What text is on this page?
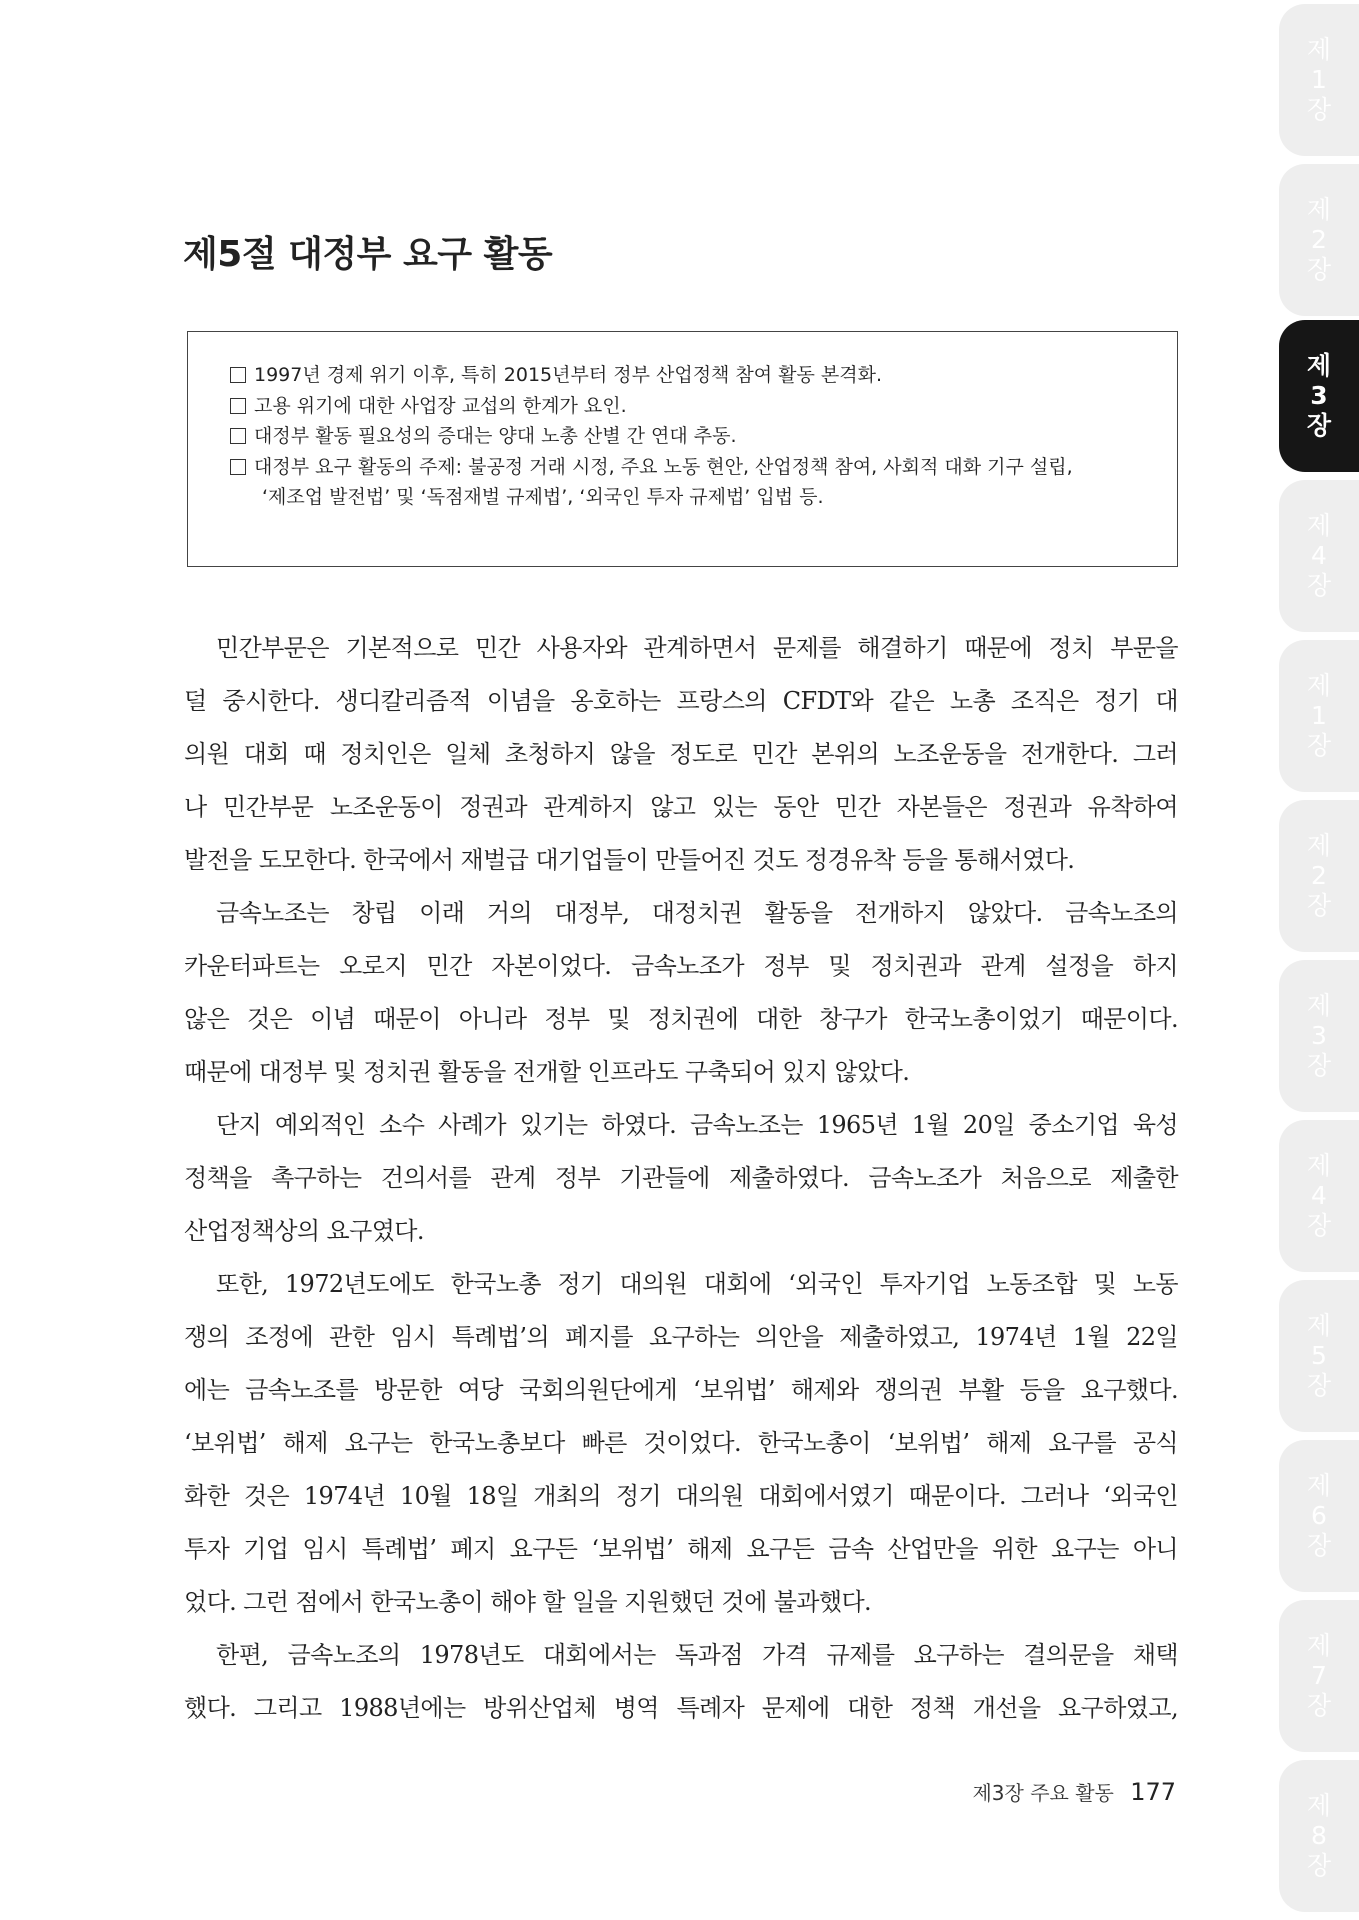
제5절 대정부 요구 활동
1997년 경제 위기 이후, 특히 2015년부터 정부 산업정책 참여 활동 본격화.
고용 위기에 대한 사업장 교섭의 한계가 요인.
대정부 활동 필요성의 증대는 양대 노총 산별 간 연대 추동.
대정부 요구 활동의 주제: 불공정 거래 시정, 주요 노동 현안, 산업정책 참여, 사회적 대화 기구 설립,
‘제조업 발전법’ 및 ‘독점재벌 규제법’, ‘외국인 투자 규제법’ 입법 등.
민간부문은 기본적으로 민간 사용자와 관계하면서 문제를 해결하기 때문에 정치 부문을
덜 중시한다. 생디칼리즘적 이념을 옹호하는 프랑스의 CFDT와 같은 노총 조직은 정기 대
의원 대회 때 정치인은 일체 초청하지 않을 정도로 민간 본위의 노조운동을 전개한다. 그러
나 민간부문 노조운동이 정권과 관계하지 않고 있는 동안 민간 자본들은 정권과 유착하여
발전을 도모한다. 한국에서 재벌급 대기업들이 만들어진 것도 정경유착 등을 통해서였다.
금속노조는 창립 이래 거의 대정부, 대정치권 활동을 전개하지 않았다. 금속노조의
카운터파트는 오로지 민간 자본이었다. 금속노조가 정부 및 정치권과 관계 설정을 하지
않은 것은 이념 때문이 아니라 정부 및 정치권에 대한 창구가 한국노총이었기 때문이다.
때문에 대정부 및 정치권 활동을 전개할 인프라도 구축되어 있지 않았다.
단지 예외적인 소수 사례가 있기는 하였다. 금속노조는 1965년 1월 20일 중소기업 육성
정책을 촉구하는 건의서를 관계 정부 기관들에 제출하였다. 금속노조가 처음으로 제출한
산업정책상의 요구였다.
또한, 1972년도에도 한국노총 정기 대의원 대회에 ‘외국인 투자기업 노동조합 및 노동
쟁의 조정에 관한 임시 특례법’의 폐지를 요구하는 의안을 제출하였고, 1974년 1월 22일
에는 금속노조를 방문한 여당 국회의원단에게 ‘보위법’ 해제와 쟁의권 부활 등을 요구했다.
‘보위법’ 해제 요구는 한국노총보다 빠른 것이었다. 한국노총이 ‘보위법’ 해제 요구를 공식
화한 것은 1974년 10월 18일 개최의 정기 대의원 대회에서였기 때문이다. 그러나 ‘외국인
투자 기업 임시 특례법’ 폐지 요구든 ‘보위법’ 해제 요구든 금속 산업만을 위한 요구는 아니
었다. 그런 점에서 한국노총이 해야 할 일을 지원했던 것에 불과했다.
한편, 금속노조의 1978년도 대회에서는 독과점 가격 규제를 요구하는 결의문을 채택
했다. 그리고 1988년에는 방위산업체 병역 특례자 문제에 대한 정책 개선을 요구하였고,
제3장 주요 활동 177
제
1
장
제
2
장
제
3
장
제
4
장
제
1
장
제
2
장
제
3
장
제
4
장
제
5
장
제
6
장
제
7
장
제
8
장
